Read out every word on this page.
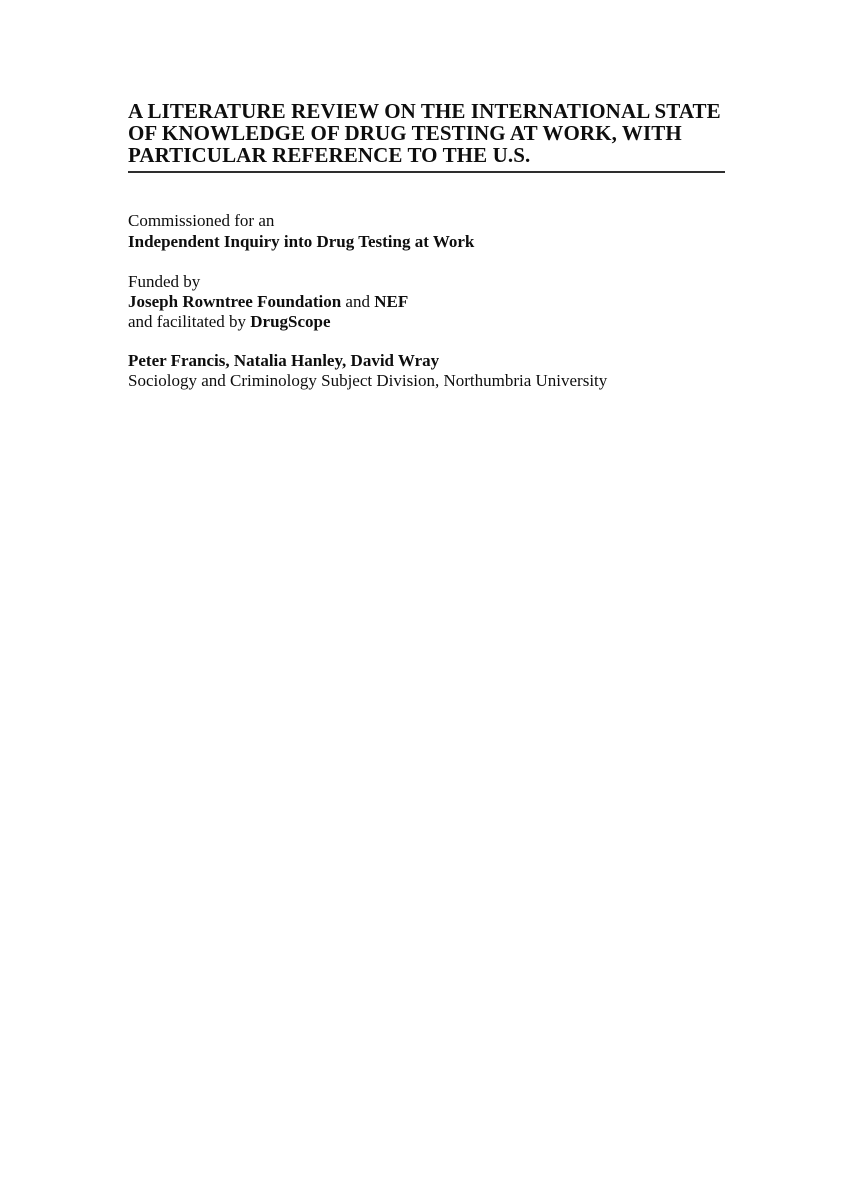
A LITERATURE REVIEW ON THE INTERNATIONAL STATE
OF KNOWLEDGE OF DRUG TESTING AT WORK, WITH
PARTICULAR REFERENCE TO THE U.S.
Commissioned for an
Independent Inquiry into Drug Testing at Work
Funded by
Joseph Rowntree Foundation and NEF
and facilitated by DrugScope
Peter Francis, Natalia Hanley, David Wray
Sociology and Criminology Subject Division, Northumbria University
